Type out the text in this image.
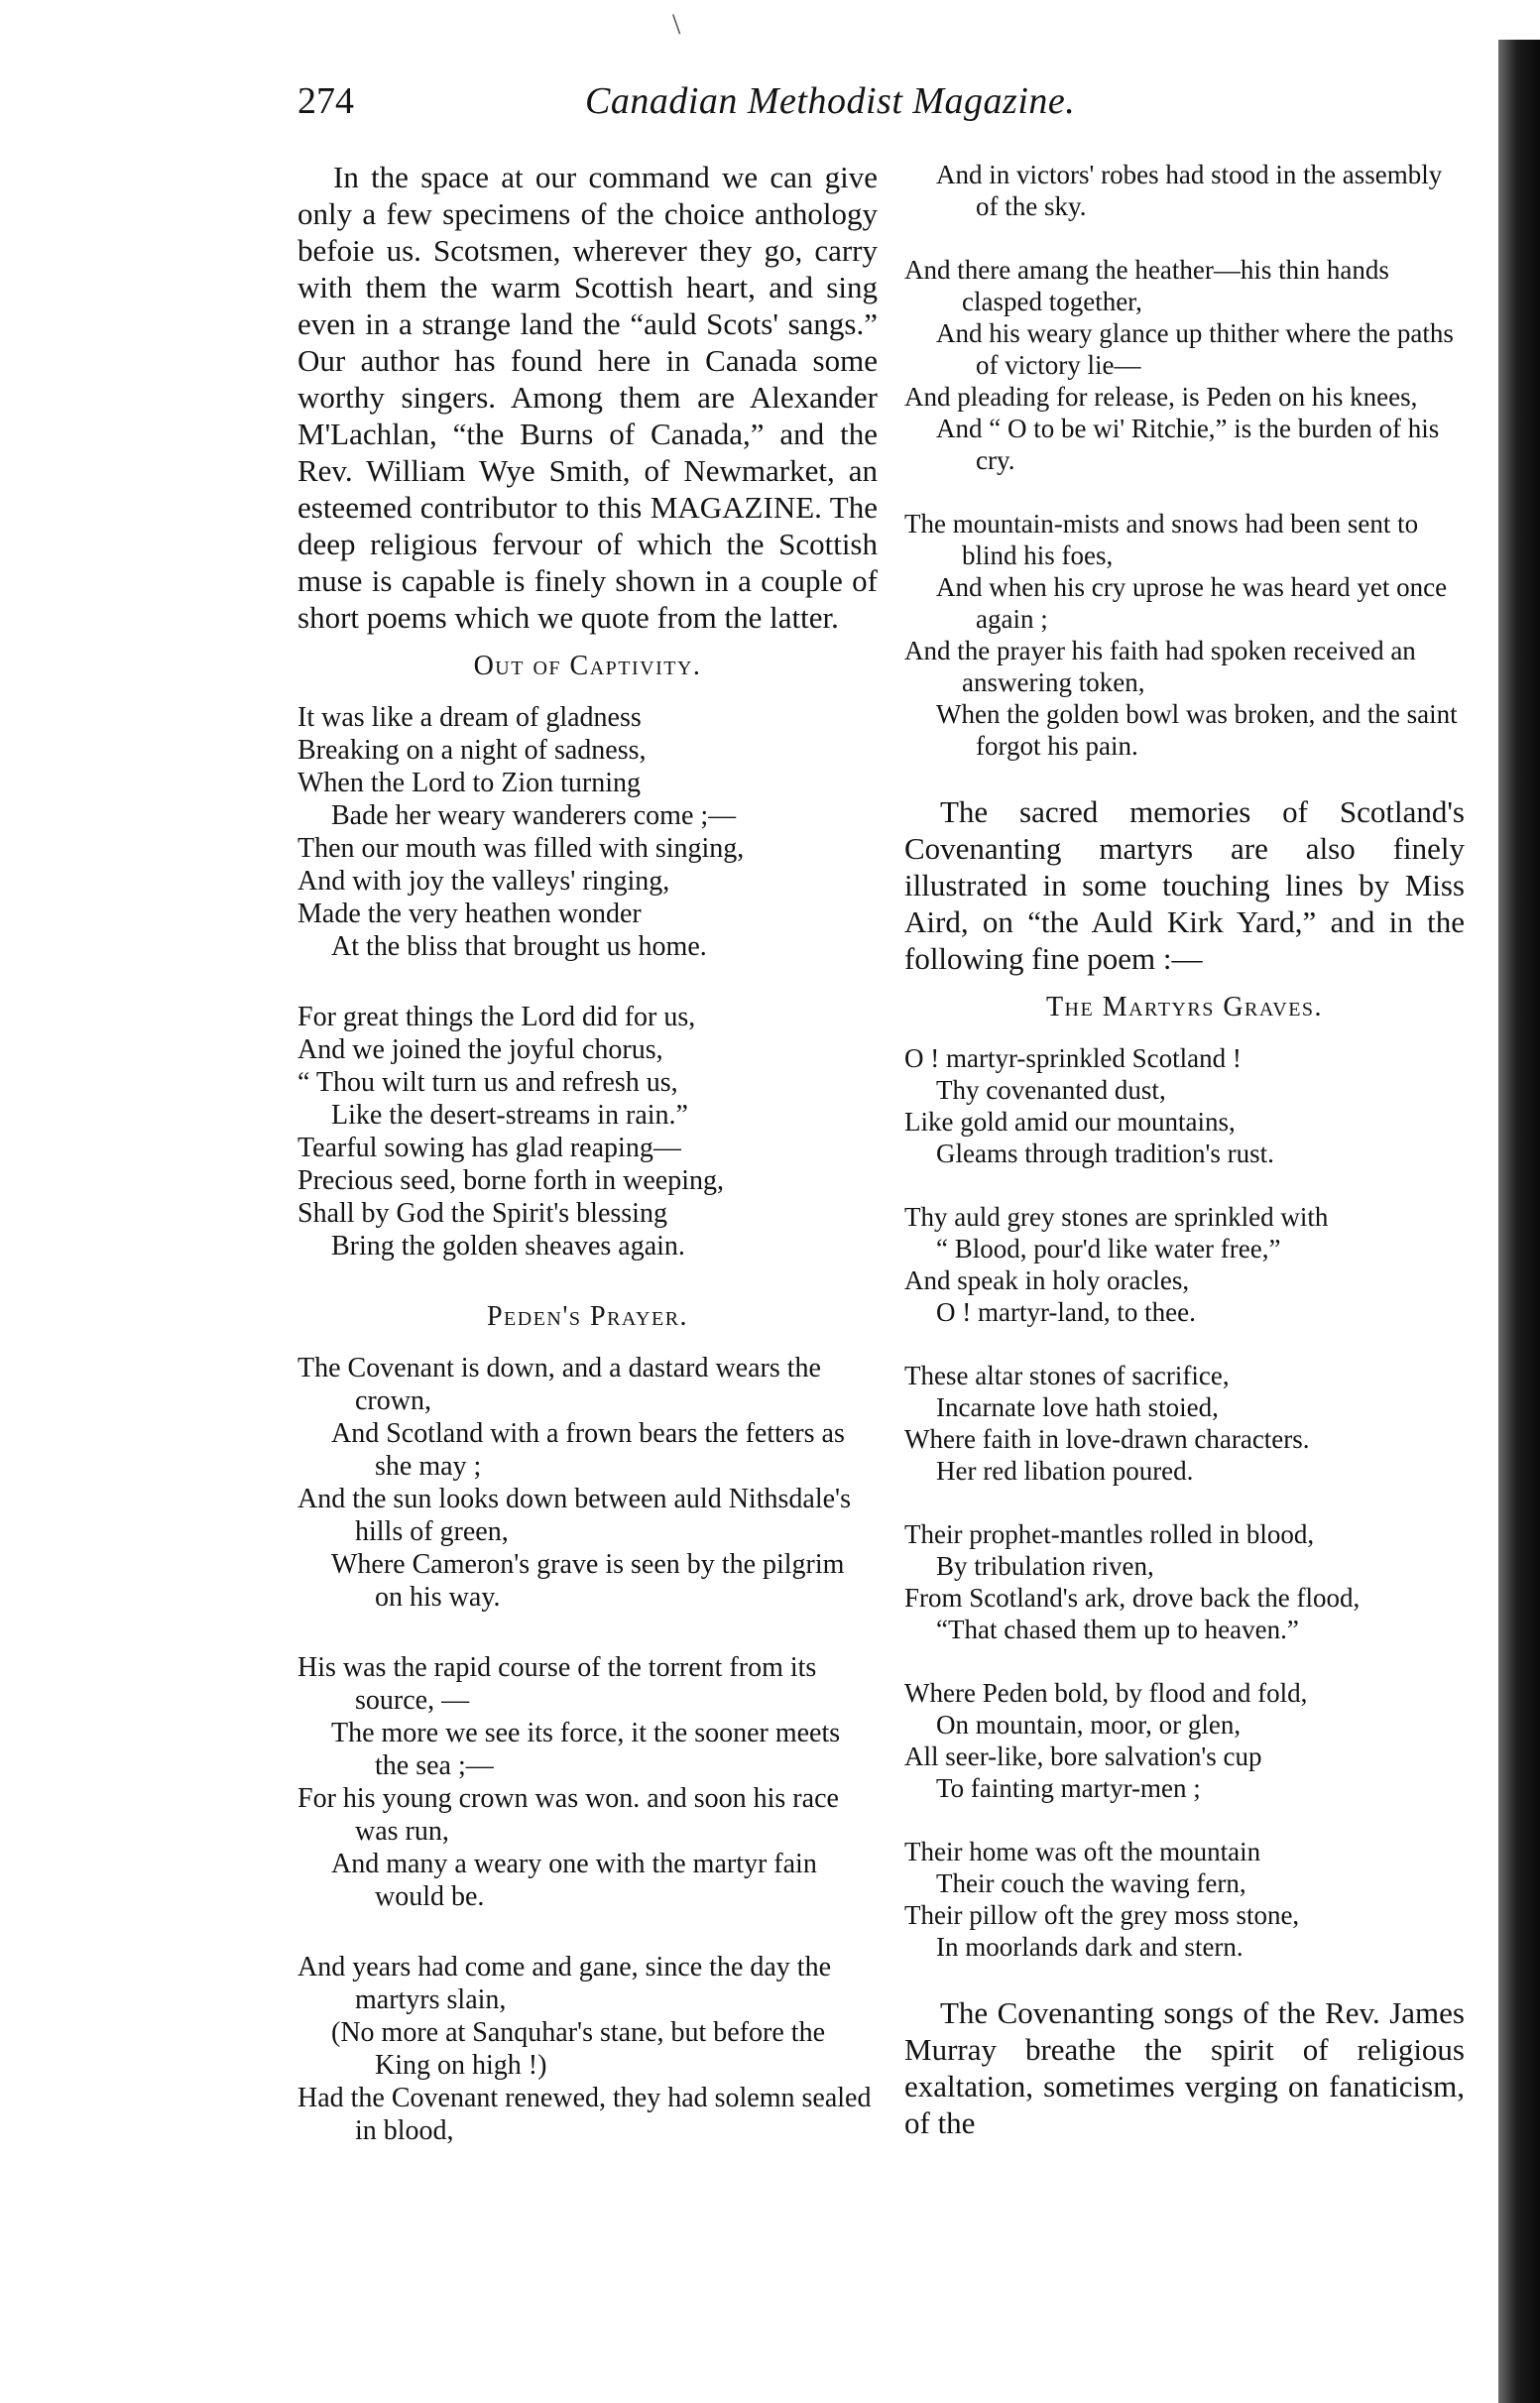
\
274	Canadian Methodist Magazine.

In the space at our command we can give only a few specimens of the choice anthology befoie us. Scotsmen, wherever they go, carry with them the warm Scottish heart, and sing even in a strange land the “auld Scots' sangs.” Our author has found here in Canada some worthy singers. Among them are Alexander M'Lachlan, “the Burns of Canada,” and the Rev. William Wye Smith, of Newmarket, an esteemed contributor to this MAGAZINE. The deep religious fervour of which the Scottish muse is capable is finely shown in a couple of short poems which we quote from the latter.

Out of Captivity.
It was like a dream of gladness
Breaking on a night of sadness,
When the Lord to Zion turning
Bade her weary wanderers come ;—
Then our mouth was filled with singing,
And with joy the valleys' ringing,
Made the very heathen wonder
At the bliss that brought us home.
For great things the Lord did for us,
And we joined the joyful chorus,
“ Thou wilt turn us and refresh us,
Like the desert-streams in rain.”
Tearful sowing has glad reaping—
Precious seed, borne forth in weeping,
Shall by God the Spirit's blessing
Bring the golden sheaves again.
Peden's Prayer.
The Covenant is down, and a dastard wears the crown,
And Scotland with a frown bears the fetters as she may ;
And the sun looks down between auld Nithsdale's hills of green,
Where Cameron's grave is seen by the pilgrim on his way.
His was the rapid course of the torrent from its source, —
The more we see its force, it the sooner meets the sea ;—
For his young crown was won. and soon his race was run,
And many a weary one with the martyr fain would be.
And years had come and gane, since the day the martyrs slain,
(No more at Sanquhar's stane, but before the King on high !)
Had the Covenant renewed, they had solemn sealed in blood,
And in victors' robes had stood in the assembly of the sky.
And there amang the heather—his thin hands clasped together,
And his weary glance up thither where the paths of victory lie—
And pleading for release, is Peden on his knees,
And “ O to be wi' Ritchie,” is the burden of his cry.
The mountain-mists and snows had been sent to blind his foes,
And when his cry uprose he was heard yet once again ;
And the prayer his faith had spoken received an answering token,
When the golden bowl was broken, and the saint forgot his pain.

The sacred memories of Scotland's Covenanting martyrs are also finely illustrated in some touching lines by Miss Aird, on “the Auld Kirk Yard,” and in the following fine poem :—

The Martyrs Graves.
O ! martyr-sprinkled Scotland !
Thy covenanted dust,
Like gold amid our mountains,
Gleams through tradition's rust.
Thy auld grey stones are sprinkled with
“ Blood, pour'd like water free,”
And speak in holy oracles,
O ! martyr-land, to thee.
These altar stones of sacrifice,
Incarnate love hath stoied,
Where faith in love-drawn characters.
Her red libation poured.
Their prophet-mantles rolled in blood,
By tribulation riven,
From Scotland's ark, drove back the flood,
“That chased them up to heaven.”
Where Peden bold, by flood and fold,
On mountain, moor, or glen,
All seer-like, bore salvation's cup
To fainting martyr-men ;
Their home was oft the mountain
Their couch the waving fern,
Their pillow oft the grey moss stone,
In moorlands dark and stern.

The Covenanting songs of the Rev. James Murray breathe the spirit of religious exaltation, sometimes verging on fanaticism, of the
